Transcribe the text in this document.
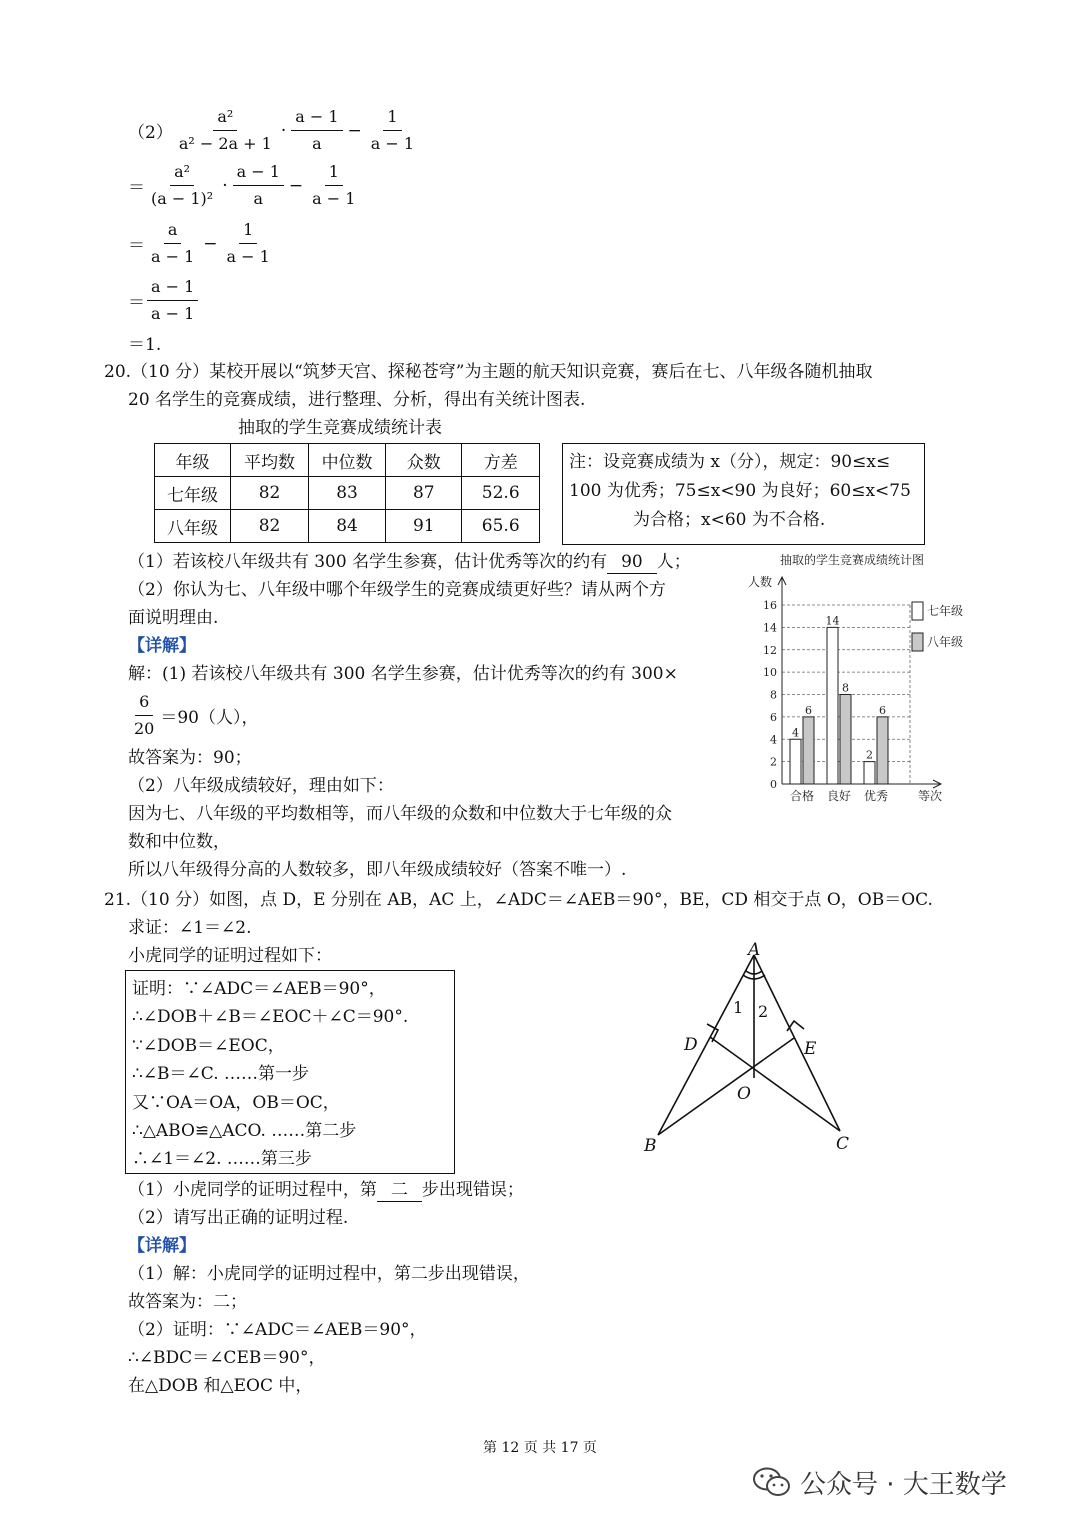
$(2) \frac{\text{a²}}{\text{a² − 2a + 1}} \cdot \frac{a - 1}{a} - \frac{1}{a - 1}$
＝ $\frac{\text{a²}}{\text{(a − 1)²}} \cdot \frac{a - 1}{a} - \frac{1}{a - 1}$
＝ $\frac{a}{a - 1} - \frac{1}{a - 1}$
＝ $\frac{a - 1}{a - 1}$
＝1.
20.（10 分）某校开展以“筑梦天宫、探秘苍穹”为主题的航天知识竞赛，赛后在七、八年级各随机抽取
20 名学生的竞赛成绩，进行整理、分析，得出有关统计图表.
抽取的学生竞赛成绩统计表
年级	平均数	中位数	众数	方差
七年级	82	83	87	52.6
八年级	82	84	91	65.6
注：设竞赛成绩为 x（分），规定：90≤x≤
100 为优秀；75≤x<90 为良好；60≤x<75
为合格；x<60 为不合格.
（1）若该校八年级共有 300 名学生参赛，估计优秀等次的约有 90 人；
（2）你认为七、八年级中哪个年级学生的竞赛成绩更好些？请从两个方
面说明理由.
【详解】
解：(1) 若该校八年级共有 300 名学生参赛，估计优秀等次的约有 300×
$\frac{6}{20} =90$（人），
故答案为：90；
（2）八年级成绩较好，理由如下：
因为七、八年级的平均数相等，而八年级的众数和中位数大于七年级的众
数和中位数，
所以八年级得分高的人数较多，即八年级成绩较好（答案不唯一）.
抽取的学生竞赛成绩统计图
人数
0
2
4
6
8
10
12
14
16
等次
4
6
合格
14
8
良好
2
6
优秀
七年级
八年级
21.（10 分）如图，点 D，E 分别在 AB，AC 上，∠ADC＝∠AEB＝90°，BE，CD 相交于点 O，OB＝OC.
求证：∠1＝∠2.
小虎同学的证明过程如下：
证明：∵∠ADC＝∠AEB＝90°，
∴∠DOB＋∠B＝∠EOC＋∠C＝90°.
∵∠DOB＝∠EOC，
∴∠B＝∠C. ……第一步
又∵OA＝OA，OB＝OC，
∴△ABO≌△ACO. ……第二步
∴∠1＝∠2. ……第三步
A
B	C
D	E
O
1 2
（1）小虎同学的证明过程中，第 二 步出现错误；
（2）请写出正确的证明过程.
【详解】
（1）解：小虎同学的证明过程中，第二步出现错误，
故答案为：二；
（2）证明：∵∠ADC＝∠AEB＝90°，
∴∠BDC＝∠CEB＝90°，
在△DOB 和△EOC 中，
第 12 页 共 17 页
公众号 · 大王数学
